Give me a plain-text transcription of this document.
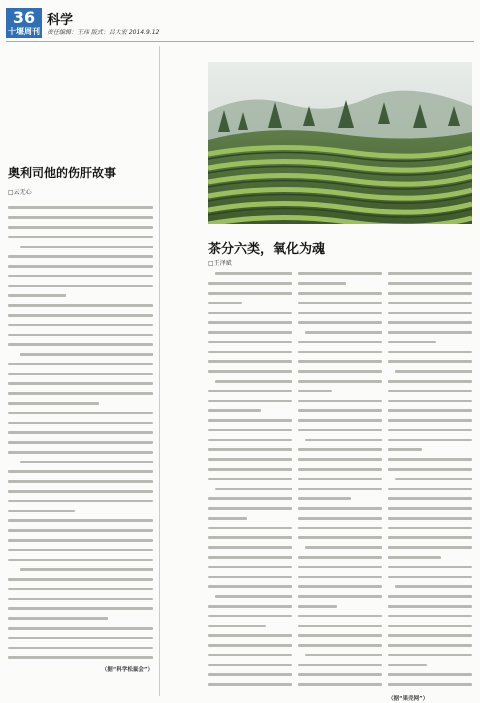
36
十堰周刊
科学
责任编辑：王玮 版式：吕大宏 2014.9.12
奥利司他的伤肝故事
□云无心
（据“科学松鼠会”）
茶分六类，氧化为魂
□王泽斌
（据“果壳网”）
